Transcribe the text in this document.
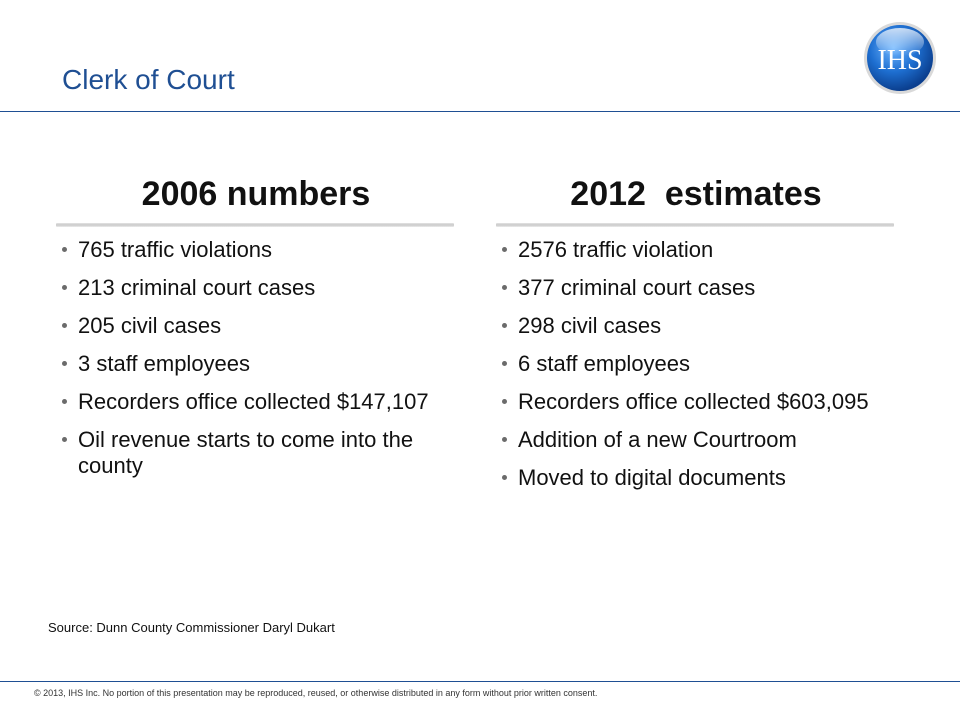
Clerk of Court
IHS
2006 numbers
765 traffic violations
213 criminal court cases
205 civil cases
3 staff employees
Recorders office collected $147,107
Oil revenue starts to come into the county
2012  estimates
2576 traffic violation
377 criminal court cases
298 civil cases
6 staff employees
Recorders office collected $603,095
Addition of a new Courtroom
Moved to digital documents
Source: Dunn County Commissioner Daryl Dukart
© 2013, IHS Inc. No portion of this presentation may be reproduced, reused, or otherwise distributed in any form without prior written consent.
